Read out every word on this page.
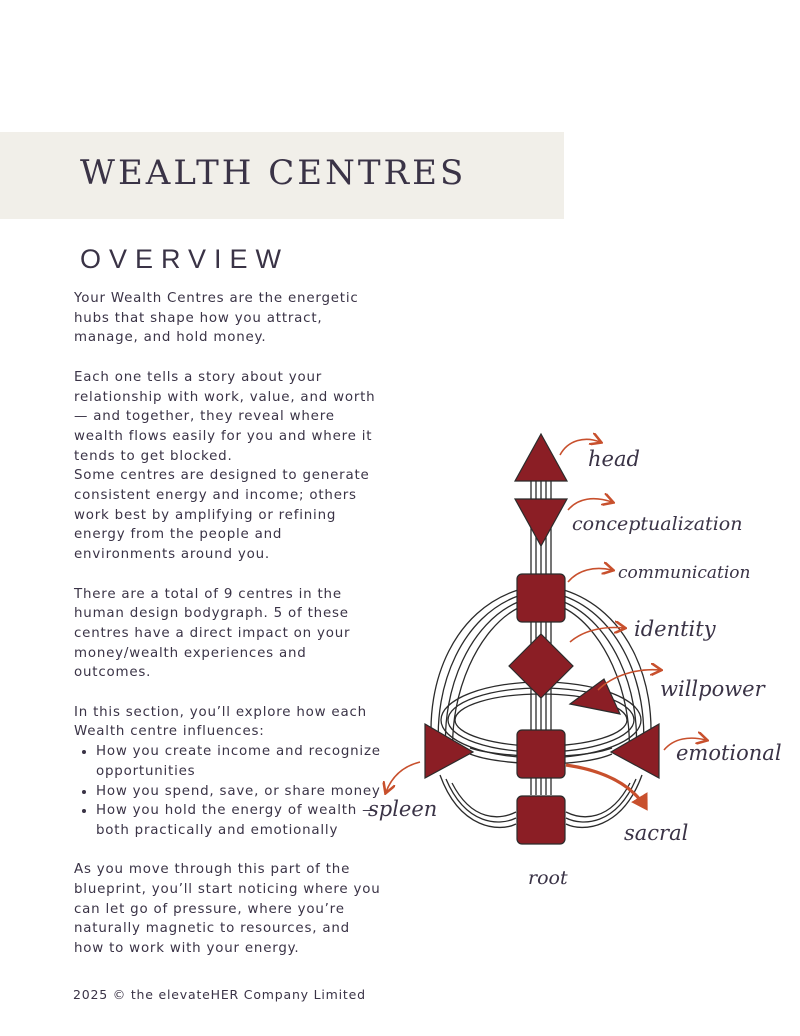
WEALTH CENTRES
OVERVIEW

Your Wealth Centres are the energetic hubs that shape how you attract, manage, and hold money.

Each one tells a story about your relationship with work, value, and worth — and together, they reveal where wealth flows easily for you and where it tends to get blocked.

Some centres are designed to generate consistent energy and income; others work best by amplifying or refining energy from the people and environments around you.

There are a total of 9 centres in the human design bodygraph. 5 of these centres have a direct impact on your money/wealth experiences and outcomes.

In this section, you’ll explore how each Wealth centre influences:

• How you create income and recognize opportunities
• How you spend, save, or share money
• How you hold the energy of wealth — both practically and emotionally

As you move through this part of the blueprint, you’ll start noticing where you can let go of pressure, where you’re naturally magnetic to resources, and how to work with your energy.

2025 © the elevateHER Company Limited
head
conceptualization
communication
identity
willpower
emotional
spleen
sacral
root
